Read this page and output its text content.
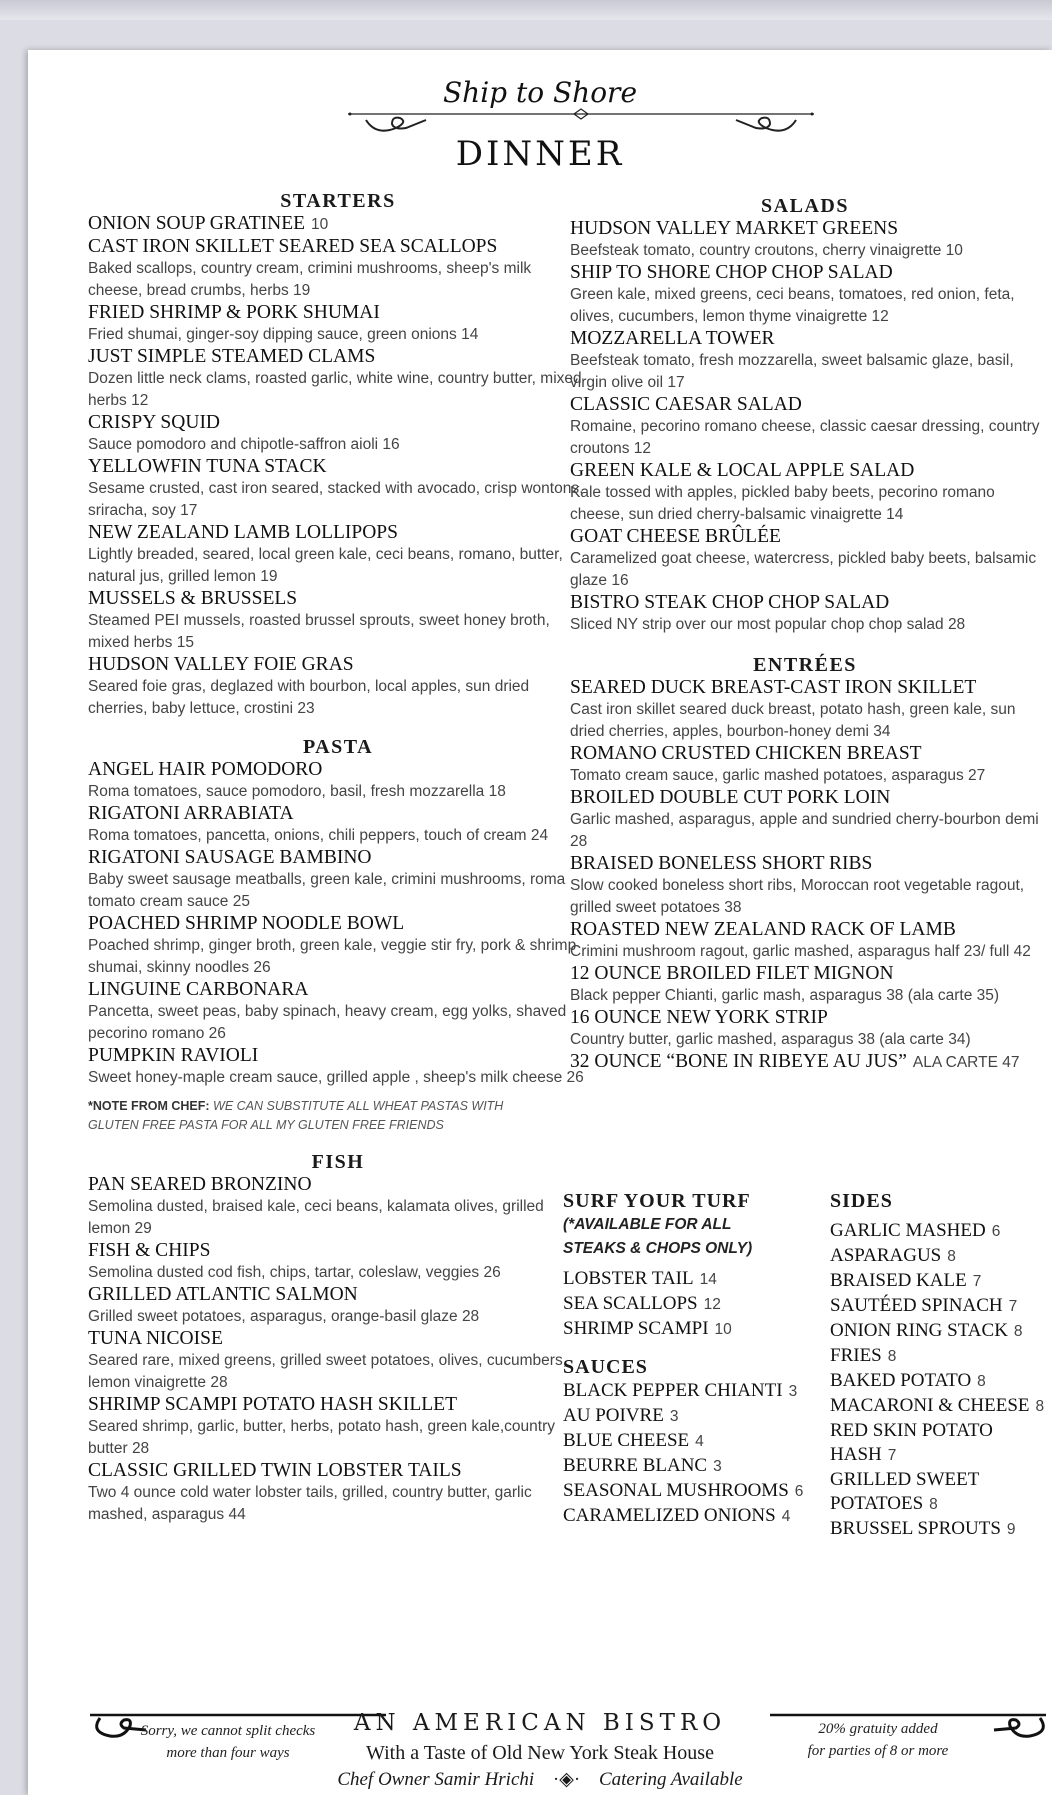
Ship to Shore
DINNER
STARTERS
ONION SOUP GRATINEE 10
CAST IRON SKILLET SEARED SEA SCALLOPS
Baked scallops, country cream, crimini mushrooms, sheep's milk cheese, bread crumbs, herbs 19
FRIED SHRIMP & PORK SHUMAI
Fried shumai, ginger-soy dipping sauce, green onions 14
JUST SIMPLE STEAMED CLAMS
Dozen little neck clams, roasted garlic, white wine, country butter, mixed herbs 12
CRISPY SQUID
Sauce pomodoro and chipotle-saffron aioli 16
YELLOWFIN TUNA STACK
Sesame crusted, cast iron seared, stacked with avocado, crisp wontons, sriracha, soy 17
NEW ZEALAND LAMB LOLLIPOPS
Lightly breaded, seared, local green kale, ceci beans, romano, butter, natural jus, grilled lemon 19
MUSSELS & BRUSSELS
Steamed PEI mussels, roasted brussel sprouts, sweet honey broth, mixed herbs 15
HUDSON VALLEY FOIE GRAS
Seared foie gras, deglazed with bourbon, local apples, sun dried cherries, baby lettuce, crostini 23
PASTA
ANGEL HAIR POMODORO
Roma tomatoes, sauce pomodoro, basil, fresh mozzarella 18
RIGATONI ARRABIATA
Roma tomatoes, pancetta, onions, chili peppers, touch of cream 24
RIGATONI SAUSAGE BAMBINO
Baby sweet sausage meatballs, green kale, crimini mushrooms, roma tomato cream sauce 25
POACHED SHRIMP NOODLE BOWL
Poached shrimp, ginger broth, green kale, veggie stir fry, pork & shrimp shumai, skinny noodles 26
LINGUINE CARBONARA
Pancetta, sweet peas, baby spinach, heavy cream, egg yolks, shaved pecorino romano 26
PUMPKIN RAVIOLI
Sweet honey-maple cream sauce, grilled apple , sheep's milk cheese 26
*NOTE FROM CHEF: WE CAN SUBSTITUTE ALL WHEAT PASTAS WITH GLUTEN FREE PASTA FOR ALL MY GLUTEN FREE FRIENDS
FISH
PAN SEARED BRONZINO
Semolina dusted, braised kale, ceci beans, kalamata olives, grilled lemon 29
FISH & CHIPS
Semolina dusted cod fish, chips, tartar, coleslaw, veggies 26
GRILLED ATLANTIC SALMON
Grilled sweet potatoes, asparagus, orange-basil glaze 28
TUNA NICOISE
Seared rare, mixed greens, grilled sweet potatoes, olives, cucumbers, lemon vinaigrette 28
SHRIMP SCAMPI POTATO HASH SKILLET
Seared shrimp, garlic, butter, herbs, potato hash, green kale,country butter 28
CLASSIC GRILLED TWIN LOBSTER TAILS
Two 4 ounce cold water lobster tails, grilled, country butter, garlic mashed, asparagus 44
SALADS
HUDSON VALLEY MARKET GREENS
Beefsteak tomato, country croutons, cherry vinaigrette 10
SHIP TO SHORE CHOP CHOP SALAD
Green kale, mixed greens, ceci beans, tomatoes, red onion, feta, olives, cucumbers, lemon thyme vinaigrette 12
MOZZARELLA TOWER
Beefsteak tomato, fresh mozzarella, sweet balsamic glaze, basil, virgin olive oil 17
CLASSIC CAESAR SALAD
Romaine, pecorino romano cheese, classic caesar dressing, country croutons 12
GREEN KALE & LOCAL APPLE SALAD
Kale tossed with apples, pickled baby beets, pecorino romano cheese, sun dried cherry-balsamic vinaigrette 14
GOAT CHEESE BRÛLÉE
Caramelized goat cheese, watercress, pickled baby beets, balsamic glaze 16
BISTRO STEAK CHOP CHOP SALAD
Sliced NY strip over our most popular chop chop salad 28
ENTRÉES
SEARED DUCK BREAST-CAST IRON SKILLET
Cast iron skillet seared duck breast, potato hash, green kale, sun dried cherries, apples, bourbon-honey demi 34
ROMANO CRUSTED CHICKEN BREAST
Tomato cream sauce, garlic mashed potatoes, asparagus 27
BROILED DOUBLE CUT PORK LOIN
Garlic mashed, asparagus, apple and sundried cherry-bourbon demi 28
BRAISED BONELESS SHORT RIBS
Slow cooked boneless short ribs, Moroccan root vegetable ragout, grilled sweet potatoes 38
ROASTED NEW ZEALAND RACK OF LAMB
Crimini mushroom ragout, garlic mashed, asparagus half 23/ full 42
12 OUNCE BROILED FILET MIGNON
Black pepper Chianti, garlic mash, asparagus 38 (ala carte 35)
16 OUNCE NEW YORK STRIP
Country butter, garlic mashed, asparagus 38 (ala carte 34)
32 OUNCE “BONE IN RIBEYE AU JUS” ALA CARTE 47
SURF YOUR TURF
(*AVAILABLE FOR ALL STEAKS & CHOPS ONLY)
LOBSTER TAIL 14
SEA SCALLOPS 12
SHRIMP SCAMPI 10
SAUCES
BLACK PEPPER CHIANTI 3
AU POIVRE 3
BLUE CHEESE 4
BEURRE BLANC 3
SEASONAL MUSHROOMS 6
CARAMELIZED ONIONS 4
SIDES
GARLIC MASHED 6
ASPARAGUS 8
BRAISED KALE 7
SAUTÉED SPINACH 7
ONION RING STACK 8
FRIES 8
BAKED POTATO 8
MACARONI & CHEESE 8
RED SKIN POTATO
HASH 7
GRILLED SWEET
POTATOES 8
BRUSSEL SPROUTS 9
Sorry, we cannot split checks
more than four ways
AN AMERICAN BISTRO
With a Taste of Old New York Steak House
Chef Owner Samir Hrichi ·◈· Catering Available
20% gratuity added
for parties of 8 or more
